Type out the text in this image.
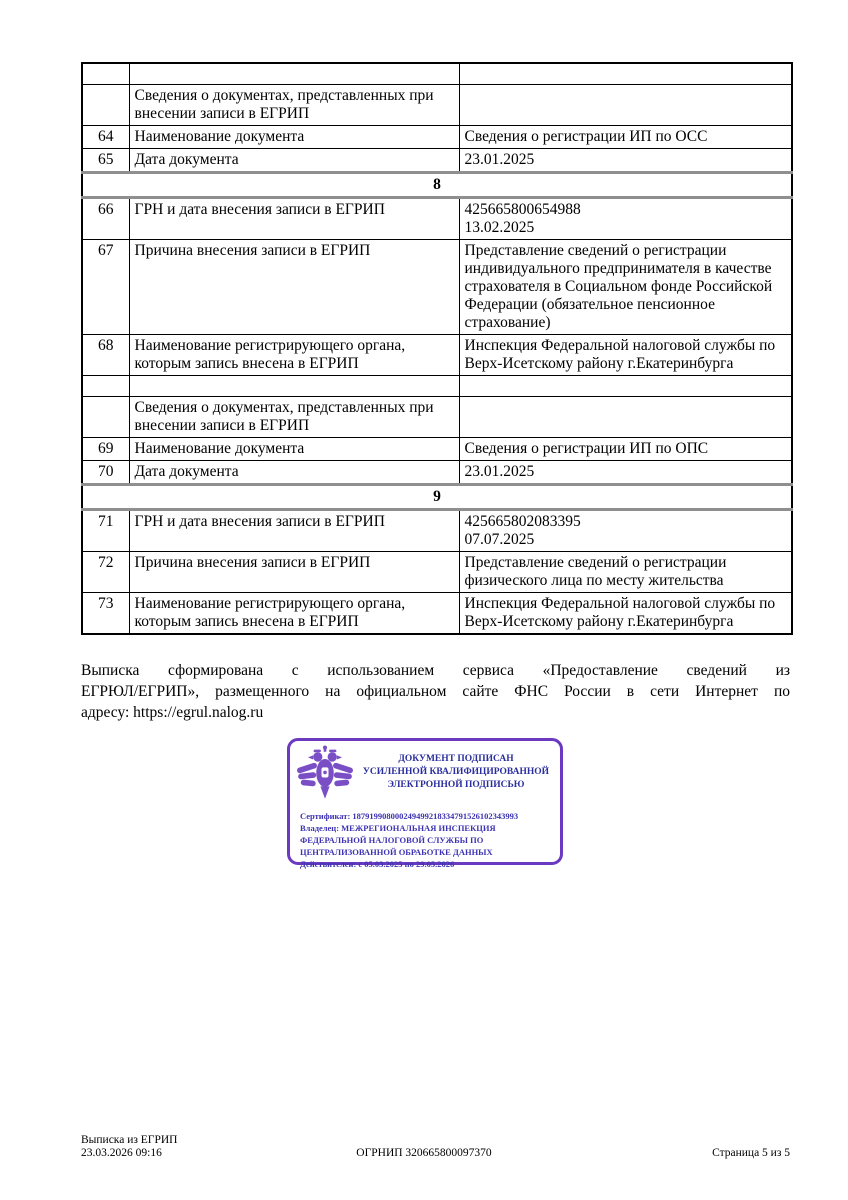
	Сведения о документах, представленных при внесении записи в ЕГРИП	
64	Наименование документа	Сведения о регистрации ИП по ОСС
65	Дата документа	23.01.2025
8		
66	ГРН и дата внесения записи в ЕГРИП	425665800654988
13.02.2025
67	Причина внесения записи в ЕГРИП	Представление сведений о регистрации индивидуального предпринимателя в качестве страхователя в Социальном фонде Российской Федерации (обязательное пенсионное страхование)
68	Наименование регистрирующего органа, которым запись внесена в ЕГРИП	Инспекция Федеральной налоговой службы по Верх-Исетскому району г.Екатеринбурга

	Сведения о документах, представленных при внесении записи в ЕГРИП	
69	Наименование документа	Сведения о регистрации ИП по ОПС
70	Дата документа	23.01.2025
9		
71	ГРН и дата внесения записи в ЕГРИП	425665802083395
07.07.2025
72	Причина внесения записи в ЕГРИП	Представление сведений о регистрации физического лица по месту жительства
73	Наименование регистрирующего органа, которым запись внесена в ЕГРИП	Инспекция Федеральной налоговой службы по Верх-Исетскому району г.Екатеринбурга
Выписка сформирована с использованием сервиса «Предоставление сведений из
ЕГРЮЛ/ЕГРИП», размещенного на официальном сайте ФНС России в сети Интернет по
адресу: https://egrul.nalog.ru
ДОКУМЕНТ ПОДПИСАН
УСИЛЕННОЙ КВАЛИФИЦИРОВАННОЙ
ЭЛЕКТРОННОЙ ПОДПИСЬЮ
Сертификат: 187919908000249499218334791526102343993
Владелец: МЕЖРЕГИОНАЛЬНАЯ ИНСПЕКЦИЯ ФЕДЕРАЛЬНОЙ НАЛОГОВОЙ СЛУЖБЫ ПО ЦЕНТРАЛИЗОВАННОЙ ОБРАБОТКЕ ДАННЫХ
Действителен: с 05.03.2025 по 29.05.2026
Выписка из ЕГРИП
23.03.2026 09:16	ОГРНИП 320665800097370	Страница 5 из 5
